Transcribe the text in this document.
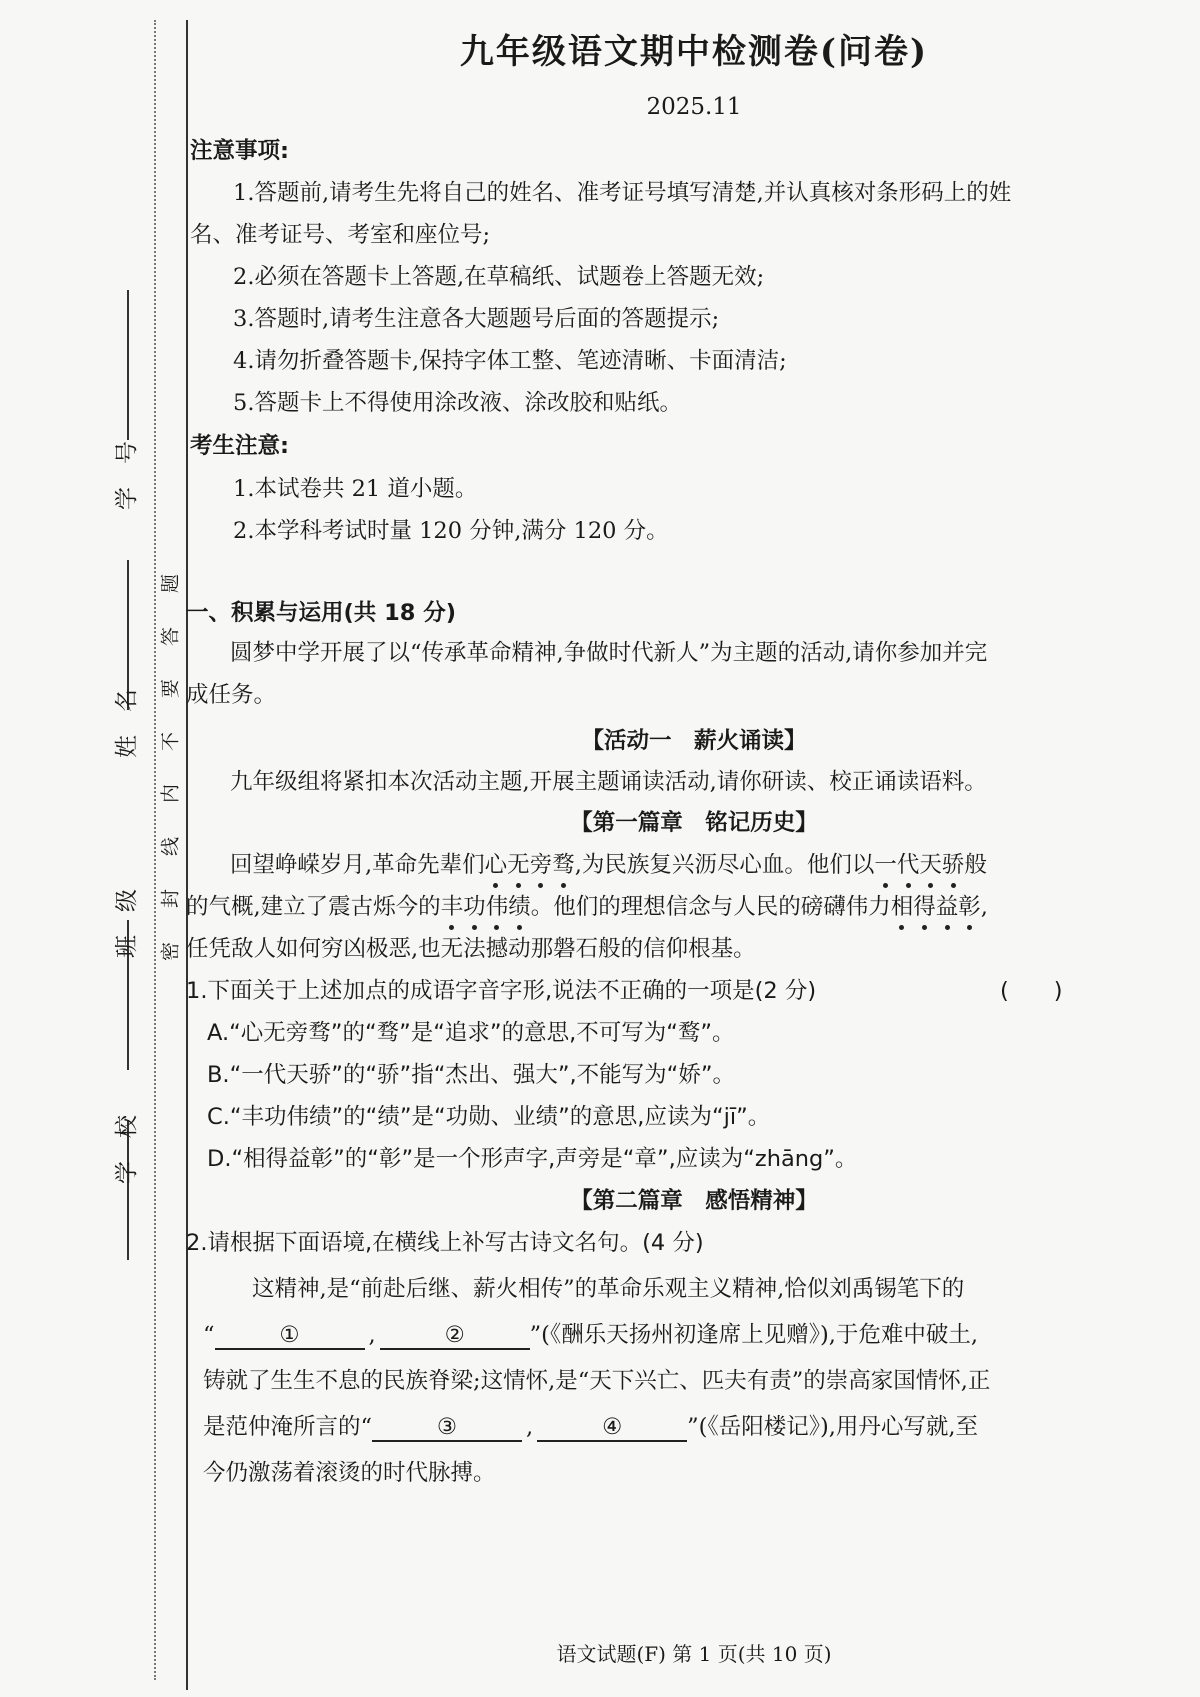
密
封
线
内
不
要
答
题
学　号
姓　名
班　级
学　校
九年级语文期中检测卷(问卷)
2025.11
注意事项:
1.答题前,请考生先将自己的姓名、准考证号填写清楚,并认真核对条形码上的姓
名、准考证号、考室和座位号;
2.必须在答题卡上答题,在草稿纸、试题卷上答题无效;
3.答题时,请考生注意各大题题号后面的答题提示;
4.请勿折叠答题卡,保持字体工整、笔迹清晰、卡面清洁;
5.答题卡上不得使用涂改液、涂改胶和贴纸。
考生注意:
1.本试卷共 21 道小题。
2.本学科考试时量 120 分钟,满分 120 分。
一、积累与运用(共 18 分)
圆梦中学开展了以“传承革命精神,争做时代新人”为主题的活动,请你参加并完
成任务。
【活动一　薪火诵读】
九年级组将紧扣本次活动主题,开展主题诵读活动,请你研读、校正诵读语料。
【第一篇章　铭记历史】
回望峥嵘岁月,革命先辈们心无旁骛,为民族复兴沥尽心血。他们以一代天骄般
的气概,建立了震古烁今的丰功伟绩。他们的理想信念与人民的磅礴伟力相得益彰,
任凭敌人如何穷凶极恶,也无法撼动那磐石般的信仰根基。
1.下面关于上述加点的成语字音字形,说法不正确的一项是(2 分)	(　　)
A.“心无旁骛”的“骛”是“追求”的意思,不可写为“鹜”。
B.“一代天骄”的“骄”指“杰出、强大”,不能写为“娇”。
C.“丰功伟绩”的“绩”是“功勋、业绩”的意思,应读为“jī”。
D.“相得益彰”的“彰”是一个形声字,声旁是“章”,应读为“zhāng”。
【第二篇章　感悟精神】
2.请根据下面语境,在横线上补写古诗文名句。(4 分)
这精神,是“前赴后继、薪火相传”的革命乐观主义精神,恰似刘禹锡笔下的
“	①	,	②	”(《酬乐天扬州初逢席上见赠》),于危难中破土,
铸就了生生不息的民族脊梁;这情怀,是“天下兴亡、匹夫有责”的崇高家国情怀,正
是范仲淹所言的“	③	,	④	”(《岳阳楼记》),用丹心写就,至
今仍激荡着滚烫的时代脉搏。
语文试题(F) 第 1 页(共 10 页)
